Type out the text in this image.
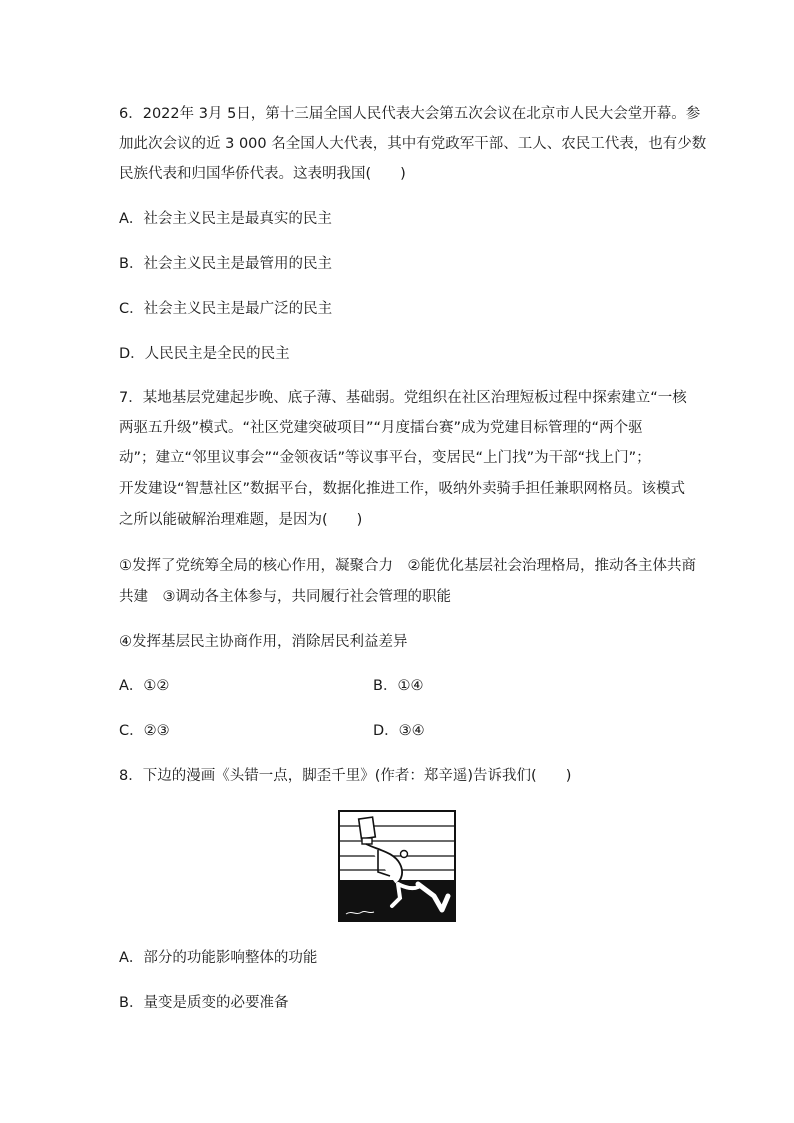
6．2022年 3月 5日，第十三届全国人民代表大会第五次会议在北京市人民大会堂开幕。参
加此次会议的近 3 000 名全国人大代表，其中有党政军干部、工人、农民工代表，也有少数
民族代表和归国华侨代表。这表明我国(　　)
A．社会主义民主是最真实的民主
B．社会主义民主是最管用的民主
C．社会主义民主是最广泛的民主
D．人民民主是全民的民主
7．某地基层党建起步晚、底子薄、基础弱。党组织在社区治理短板过程中探索建立“一核
两驱五升级”模式。“社区党建突破项目”“月度擂台赛”成为党建目标管理的“两个驱
动”；建立“邻里议事会”“金领夜话”等议事平台，变居民“上门找”为干部“找上门”；
开发建设“智慧社区”数据平台，数据化推进工作，吸纳外卖骑手担任兼职网格员。该模式
之所以能破解治理难题，是因为(　　)
①发挥了党统筹全局的核心作用，凝聚合力　②能优化基层社会治理格局，推动各主体共商
共建　③调动各主体参与，共同履行社会管理的职能
④发挥基层民主协商作用，消除居民利益差异
A．①②	B．①④
C．②③	D．③④
8．下边的漫画《头错一点，脚歪千里》(作者：郑辛遥)告诉我们(　　)
A．部分的功能影响整体的功能
B．量变是质变的必要准备
